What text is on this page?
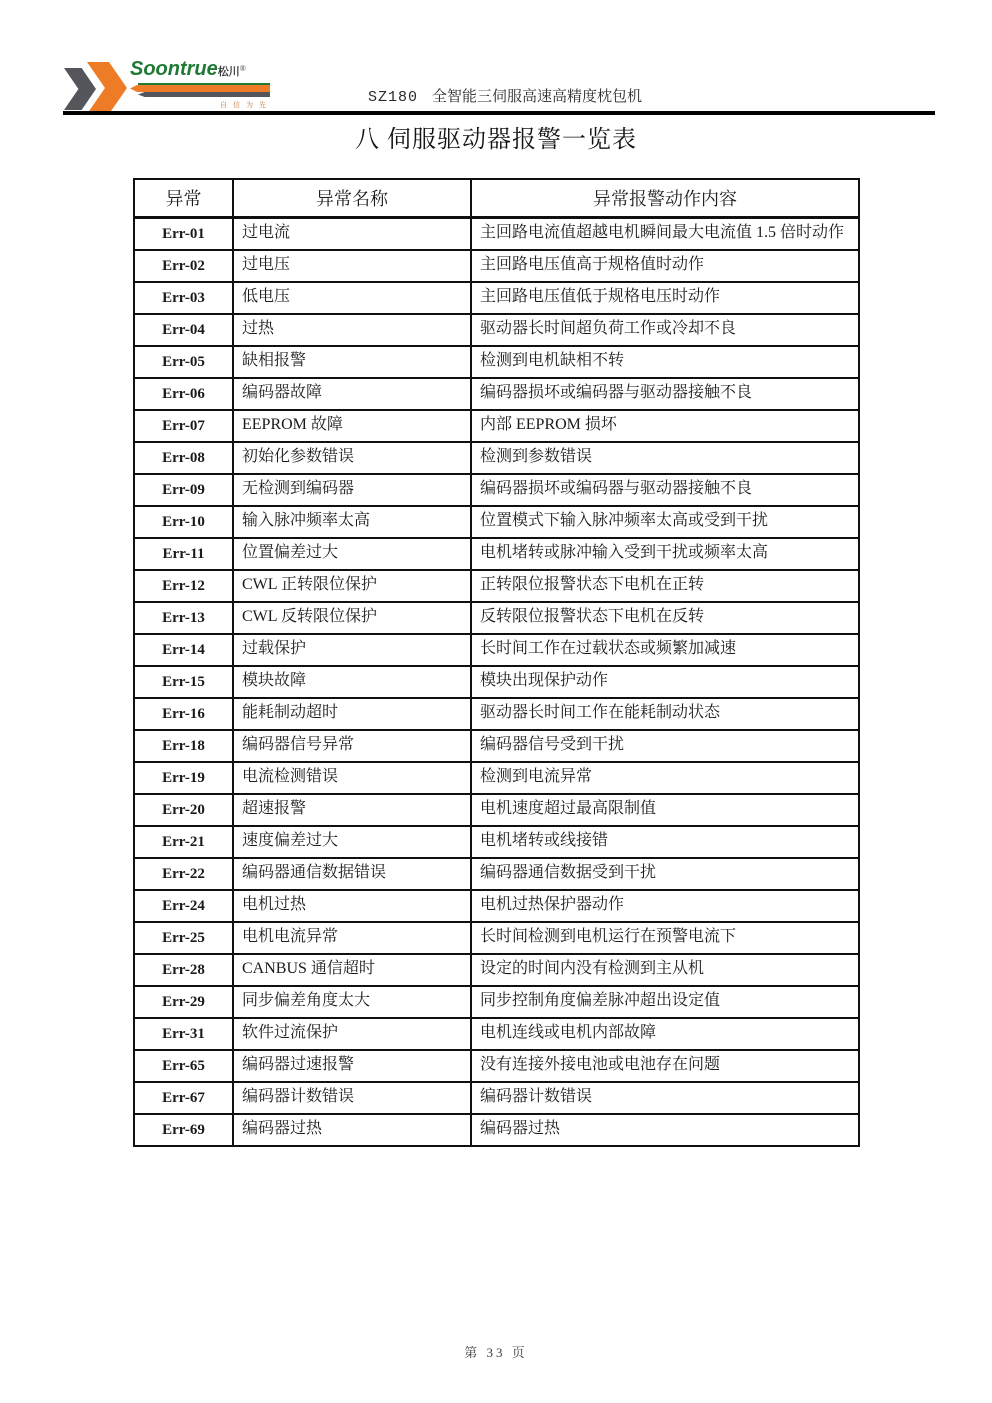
Soontrue松川®
自信为先	SZ180 全智能三伺服高速高精度枕包机
八 伺服驱动器报警一览表
异常	异常名称	异常报警动作内容
Err-01	过电流	主回路电流值超越电机瞬间最大电流值 1.5 倍时动作
Err-02	过电压	主回路电压值高于规格值时动作
Err-03	低电压	主回路电压值低于规格电压时动作
Err-04	过热	驱动器长时间超负荷工作或冷却不良
Err-05	缺相报警	检测到电机缺相不转
Err-06	编码器故障	编码器损坏或编码器与驱动器接触不良
Err-07	EEPROM 故障	内部 EEPROM 损坏
Err-08	初始化参数错误	检测到参数错误
Err-09	无检测到编码器	编码器损坏或编码器与驱动器接触不良
Err-10	输入脉冲频率太高	位置模式下输入脉冲频率太高或受到干扰
Err-11	位置偏差过大	电机堵转或脉冲输入受到干扰或频率太高
Err-12	CWL 正转限位保护	正转限位报警状态下电机在正转
Err-13	CWL 反转限位保护	反转限位报警状态下电机在反转
Err-14	过载保护	长时间工作在过载状态或频繁加减速
Err-15	模块故障	模块出现保护动作
Err-16	能耗制动超时	驱动器长时间工作在能耗制动状态
Err-18	编码器信号异常	编码器信号受到干扰
Err-19	电流检测错误	检测到电流异常
Err-20	超速报警	电机速度超过最高限制值
Err-21	速度偏差过大	电机堵转或线接错
Err-22	编码器通信数据错误	编码器通信数据受到干扰
Err-24	电机过热	电机过热保护器动作
Err-25	电机电流异常	长时间检测到电机运行在预警电流下
Err-28	CANBUS 通信超时	设定的时间内没有检测到主从机
Err-29	同步偏差角度太大	同步控制角度偏差脉冲超出设定值
Err-31	软件过流保护	电机连线或电机内部故障
Err-65	编码器过速报警	没有连接外接电池或电池存在问题
Err-67	编码器计数错误	编码器计数错误
Err-69	编码器过热	编码器过热
第 33 页
